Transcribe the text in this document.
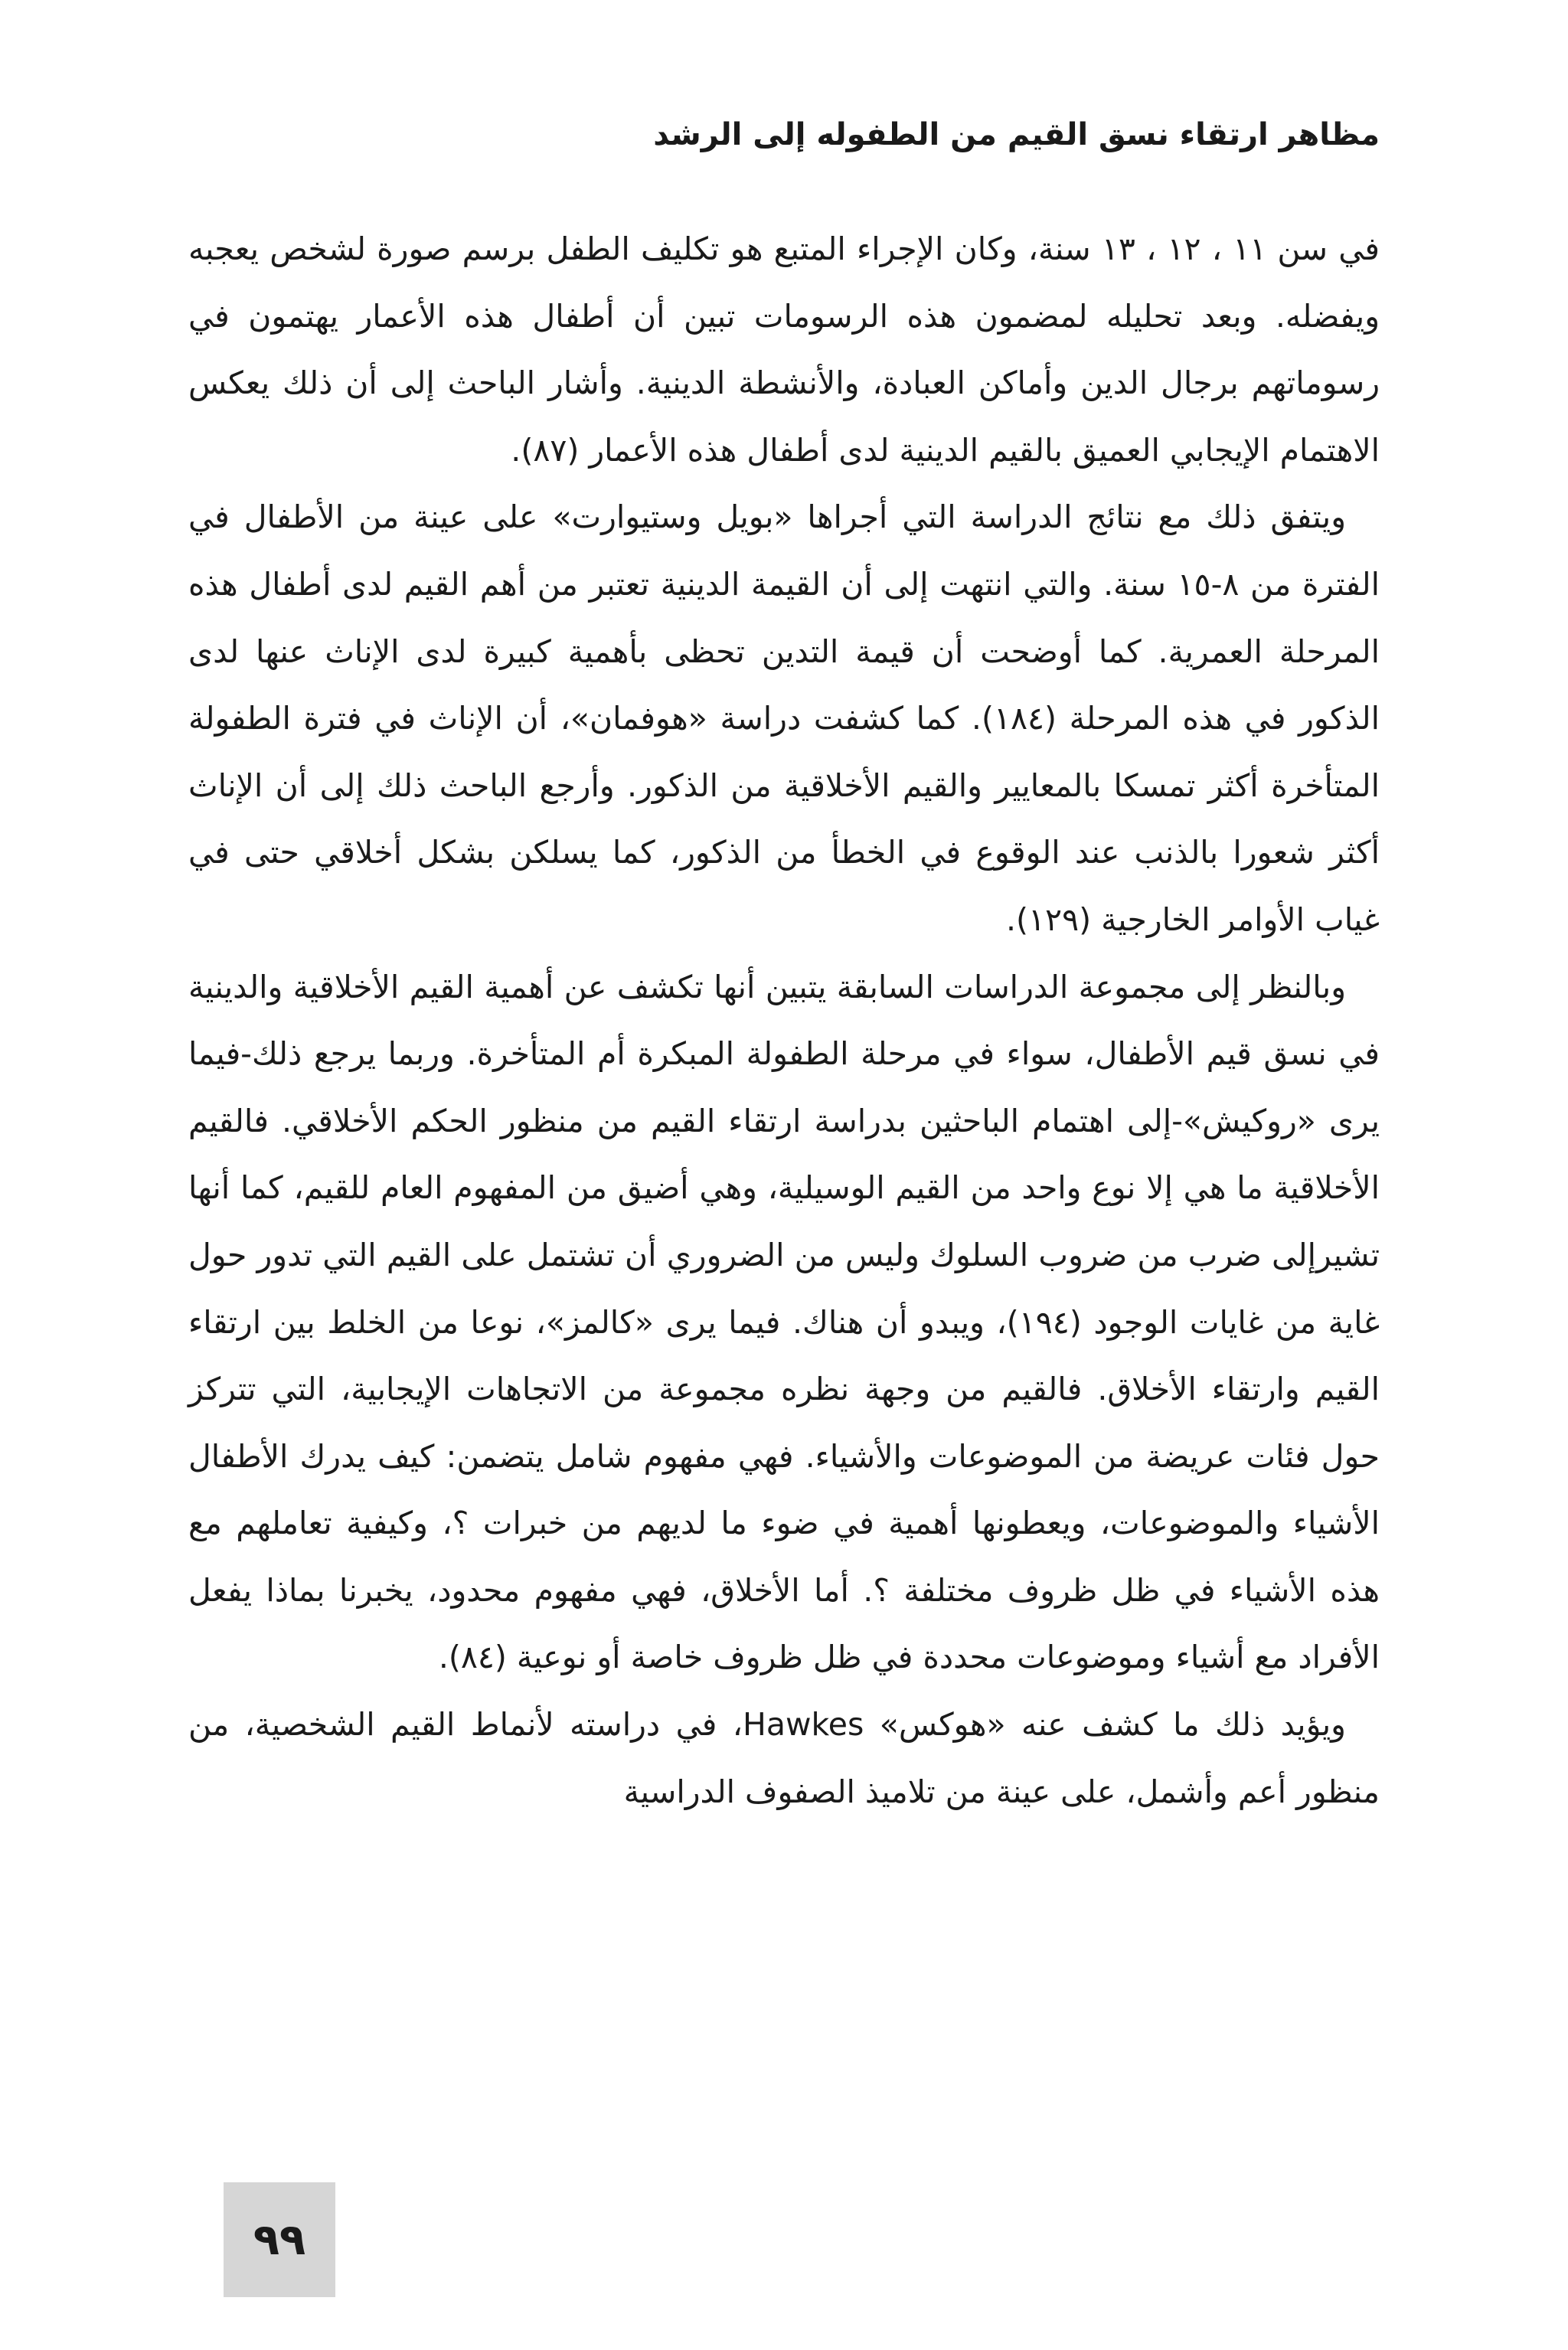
مظاهر ارتقاء نسق القيم من الطفوله إلى الرشد

في سن ١١ ، ١٢ ، ١٣ سنة، وكان الإجراء المتبع هو تكليف الطفل برسم صورة لشخص يعجبه ويفضله. وبعد تحليله لمضمون هذه الرسومات تبين أن أطفال هذه الأعمار يهتمون في رسوماتهم برجال الدين وأماكن العبادة، والأنشطة الدينية. وأشار الباحث إلى أن ذلك يعكس الاهتمام الإيجابي العميق بالقيم الدينية لدى أطفال هذه الأعمار (٨٧).

ويتفق ذلك مع نتائج الدراسة التي أجراها «بويل وستيوارت» على عينة من الأطفال في الفترة من ٨-١٥ سنة. والتي انتهت إلى أن القيمة الدينية تعتبر من أهم القيم لدى أطفال هذه المرحلة العمرية. كما أوضحت أن قيمة التدين تحظى بأهمية كبيرة لدى الإناث عنها لدى الذكور في هذه المرحلة (١٨٤). كما كشفت دراسة «هوفمان»، أن الإناث في فترة الطفولة المتأخرة أكثر تمسكا بالمعايير والقيم الأخلاقية من الذكور. وأرجع الباحث ذلك إلى أن الإناث أكثر شعورا بالذنب عند الوقوع في الخطأ من الذكور، كما يسلكن بشكل أخلاقي حتى في غياب الأوامر الخارجية (١٢٩).

وبالنظر إلى مجموعة الدراسات السابقة يتبين أنها تكشف عن أهمية القيم الأخلاقية والدينية في نسق قيم الأطفال، سواء في مرحلة الطفولة المبكرة أم المتأخرة. وربما يرجع ذلك-فيما يرى «روكيش»-إلى اهتمام الباحثين بدراسة ارتقاء القيم من منظور الحكم الأخلاقي. فالقيم الأخلاقية ما هي إلا نوع واحد من القيم الوسيلية، وهي أضيق من المفهوم العام للقيم، كما أنها تشيرإلى ضرب من ضروب السلوك وليس من الضروري أن تشتمل على القيم التي تدور حول غاية من غايات الوجود (١٩٤)، ويبدو أن هناك. فيما يرى «كالمز»، نوعا من الخلط بين ارتقاء القيم وارتقاء الأخلاق. فالقيم من وجهة نظره مجموعة من الاتجاهات الإيجابية، التي تتركز حول فئات عريضة من الموضوعات والأشياء. فهي مفهوم شامل يتضمن: كيف يدرك الأطفال الأشياء والموضوعات، ويعطونها أهمية في ضوء ما لديهم من خبرات ؟، وكيفية تعاملهم مع هذه الأشياء في ظل ظروف مختلفة ؟. أما الأخلاق، فهي مفهوم محدود، يخبرنا بماذا يفعل الأفراد مع أشياء وموضوعات محددة في ظل ظروف خاصة أو نوعية (٨٤).

ويؤيد ذلك ما كشف عنه «هوكس» Hawkes، في دراسته لأنماط القيم الشخصية، من منظور أعم وأشمل، على عينة من تلاميذ الصفوف الدراسية

٩٩
